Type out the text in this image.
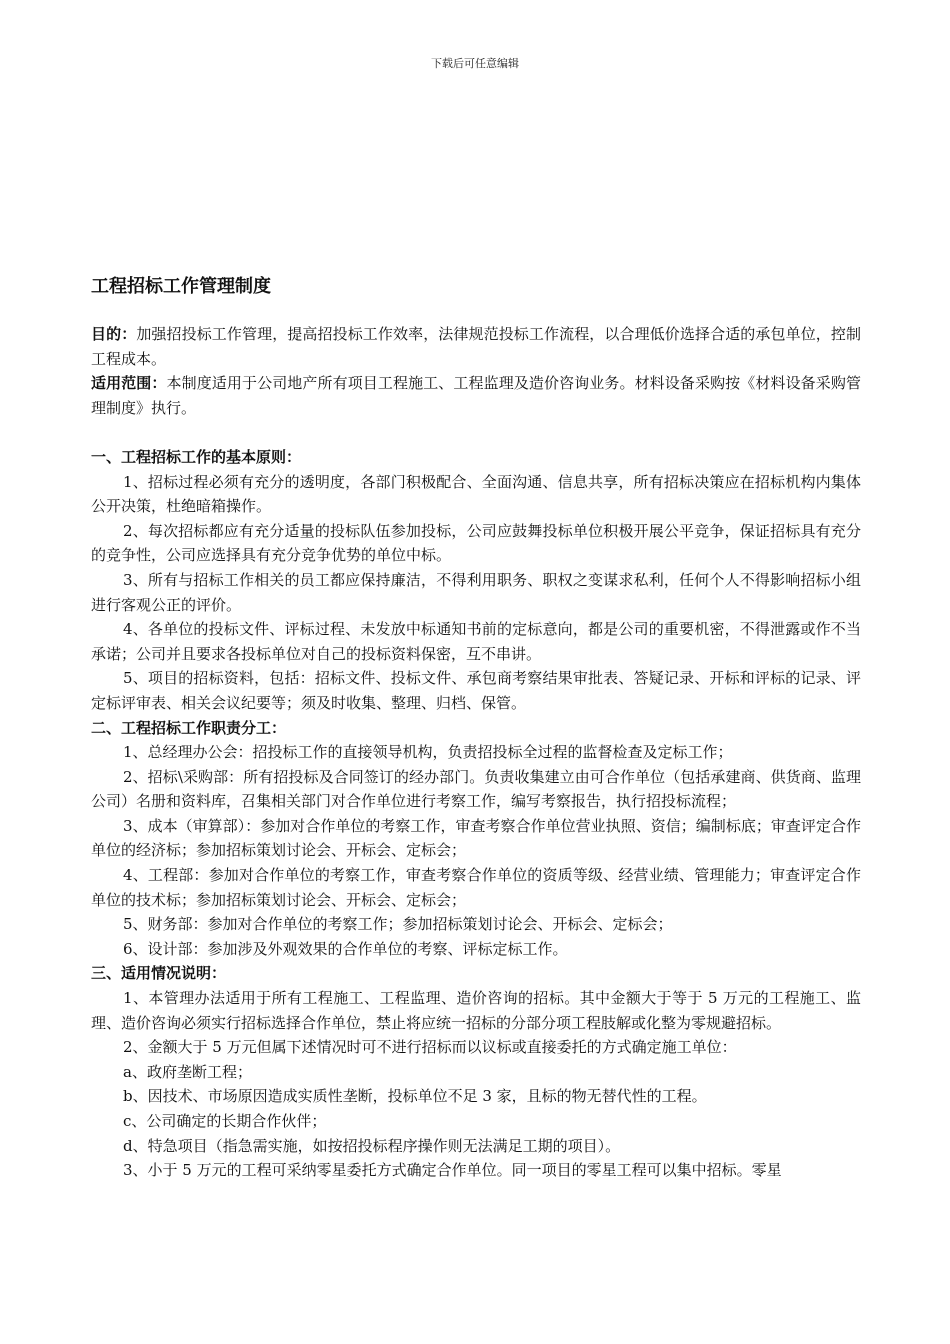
下载后可任意编辑

工程招标工作管理制度

目的：加强招投标工作管理，提高招投标工作效率，法律规范投标工作流程，以合理低价选择合适的承包单位，控制工程成本。

适用范围：本制度适用于公司地产所有项目工程施工、工程监理及造价咨询业务。材料设备采购按《材料设备采购管理制度》执行。

一、工程招标工作的基本原则：

1、招标过程必须有充分的透明度，各部门积极配合、全面沟通、信息共享，所有招标决策应在招标机构内集体公开决策，杜绝暗箱操作。

2、每次招标都应有充分适量的投标队伍参加投标，公司应鼓舞投标单位积极开展公平竞争，保证招标具有充分的竞争性，公司应选择具有充分竞争优势的单位中标。

3、所有与招标工作相关的员工都应保持廉洁，不得利用职务、职权之变谋求私利，任何个人不得影响招标小组进行客观公正的评价。

4、各单位的投标文件、评标过程、未发放中标通知书前的定标意向，都是公司的重要机密，不得泄露或作不当承诺；公司并且要求各投标单位对自己的投标资料保密，互不串讲。

5、项目的招标资料，包括：招标文件、投标文件、承包商考察结果审批表、答疑记录、开标和评标的记录、评定标评审表、相关会议纪要等；须及时收集、整理、归档、保管。

二、工程招标工作职责分工：

1、总经理办公会：招投标工作的直接领导机构，负责招投标全过程的监督检查及定标工作；

2、招标\采购部：所有招投标及合同签订的经办部门。负责收集建立由可合作单位（包括承建商、供货商、监理公司）名册和资料库，召集相关部门对合作单位进行考察工作，编写考察报告，执行招投标流程；

3、成本（审算部）：参加对合作单位的考察工作，审查考察合作单位营业执照、资信；编制标底；审查评定合作单位的经济标；参加招标策划讨论会、开标会、定标会；

4、工程部：参加对合作单位的考察工作，审查考察合作单位的资质等级、经营业绩、管理能力；审查评定合作单位的技术标；参加招标策划讨论会、开标会、定标会；

5、财务部：参加对合作单位的考察工作；参加招标策划讨论会、开标会、定标会；

6、设计部：参加涉及外观效果的合作单位的考察、评标定标工作。

三、适用情况说明：

1、本管理办法适用于所有工程施工、工程监理、造价咨询的招标。其中金额大于等于 5 万元的工程施工、监理、造价咨询必须实行招标选择合作单位，禁止将应统一招标的分部分项工程肢解或化整为零规避招标。

2、金额大于 5 万元但属下述情况时可不进行招标而以议标或直接委托的方式确定施工单位：

a、政府垄断工程；

b、因技术、市场原因造成实质性垄断，投标单位不足 3 家，且标的物无替代性的工程。

c、公司确定的长期合作伙伴；

d、特急项目（指急需实施，如按招投标程序操作则无法满足工期的项目）。

3、小于 5 万元的工程可采纳零星委托方式确定合作单位。同一项目的零星工程可以集中招标。零星
